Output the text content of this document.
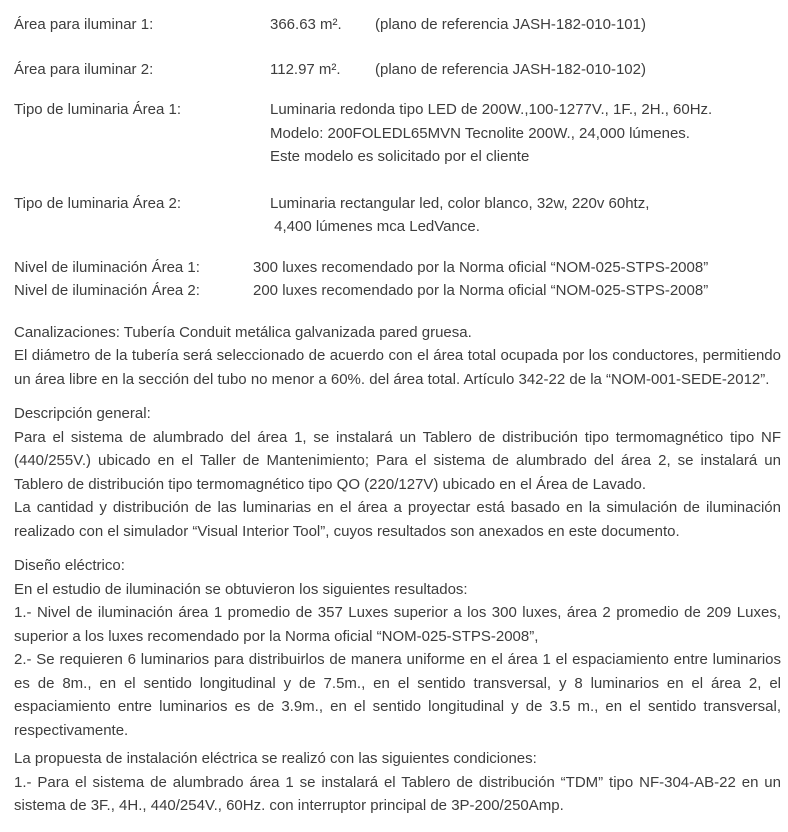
Área para iluminar 1:	366.63 m².	(plano de referencia JASH-182-010-101)
Área para iluminar 2:	112.97 m².	(plano de referencia JASH-182-010-102)
Tipo de luminaria Área 1:	Luminaria redonda tipo LED de 200W.,100-1277V., 1F., 2H., 60Hz.
Modelo: 200FOLEDL65MVN Tecnolite 200W., 24,000 lúmenes.
Este modelo es solicitado por el cliente
Tipo de luminaria Área 2:	Luminaria rectangular led, color blanco, 32w, 220v 60htz,
4,400 lúmenes mca LedVance.
Nivel de iluminación Área 1:	300 luxes recomendado por la Norma oficial “NOM-025-STPS-2008”
Nivel de iluminación Área 2:	200 luxes recomendado por la Norma oficial “NOM-025-STPS-2008”
Canalizaciones: Tubería Conduit metálica galvanizada pared gruesa.
El diámetro de la tubería será seleccionado de acuerdo con el área total ocupada por los conductores, permitiendo un área libre en la sección del tubo no menor a 60%. del área total. Artículo 342-22 de la “NOM-001-SEDE-2012”.
Descripción general:
Para el sistema de alumbrado del área 1, se instalará un Tablero de distribución tipo termomagnético tipo NF (440/255V.) ubicado en el Taller de Mantenimiento; Para el sistema de alumbrado del área 2, se instalará un Tablero de distribución tipo termomagnético tipo QO (220/127V) ubicado en el Área de Lavado.
La cantidad y distribución de las luminarias en el área a proyectar está basado en la simulación de iluminación realizado con el simulador “Visual Interior Tool”, cuyos resultados son anexados en este documento.
Diseño eléctrico:
En el estudio de iluminación se obtuvieron los siguientes resultados:
1.- Nivel de iluminación área 1 promedio de 357 Luxes superior a los 300 luxes, área 2 promedio de 209 Luxes, superior a los luxes recomendado por la Norma oficial “NOM-025-STPS-2008”,
2.- Se requieren 6 luminarios para distribuirlos de manera uniforme en el área 1 el espaciamiento entre luminarios es de 8m., en el sentido longitudinal y de 7.5m., en el sentido transversal, y 8 luminarios en el área 2, el espaciamiento entre luminarios es de 3.9m., en el sentido longitudinal y de 3.5 m., en el sentido transversal, respectivamente.
La propuesta de instalación eléctrica se realizó con las siguientes condiciones:
1.- Para el sistema de alumbrado área 1 se instalará el Tablero de distribución “TDM” tipo NF-304-AB-22 en un sistema de 3F., 4H., 440/254V., 60Hz. con interruptor principal de 3P-200/250Amp.
